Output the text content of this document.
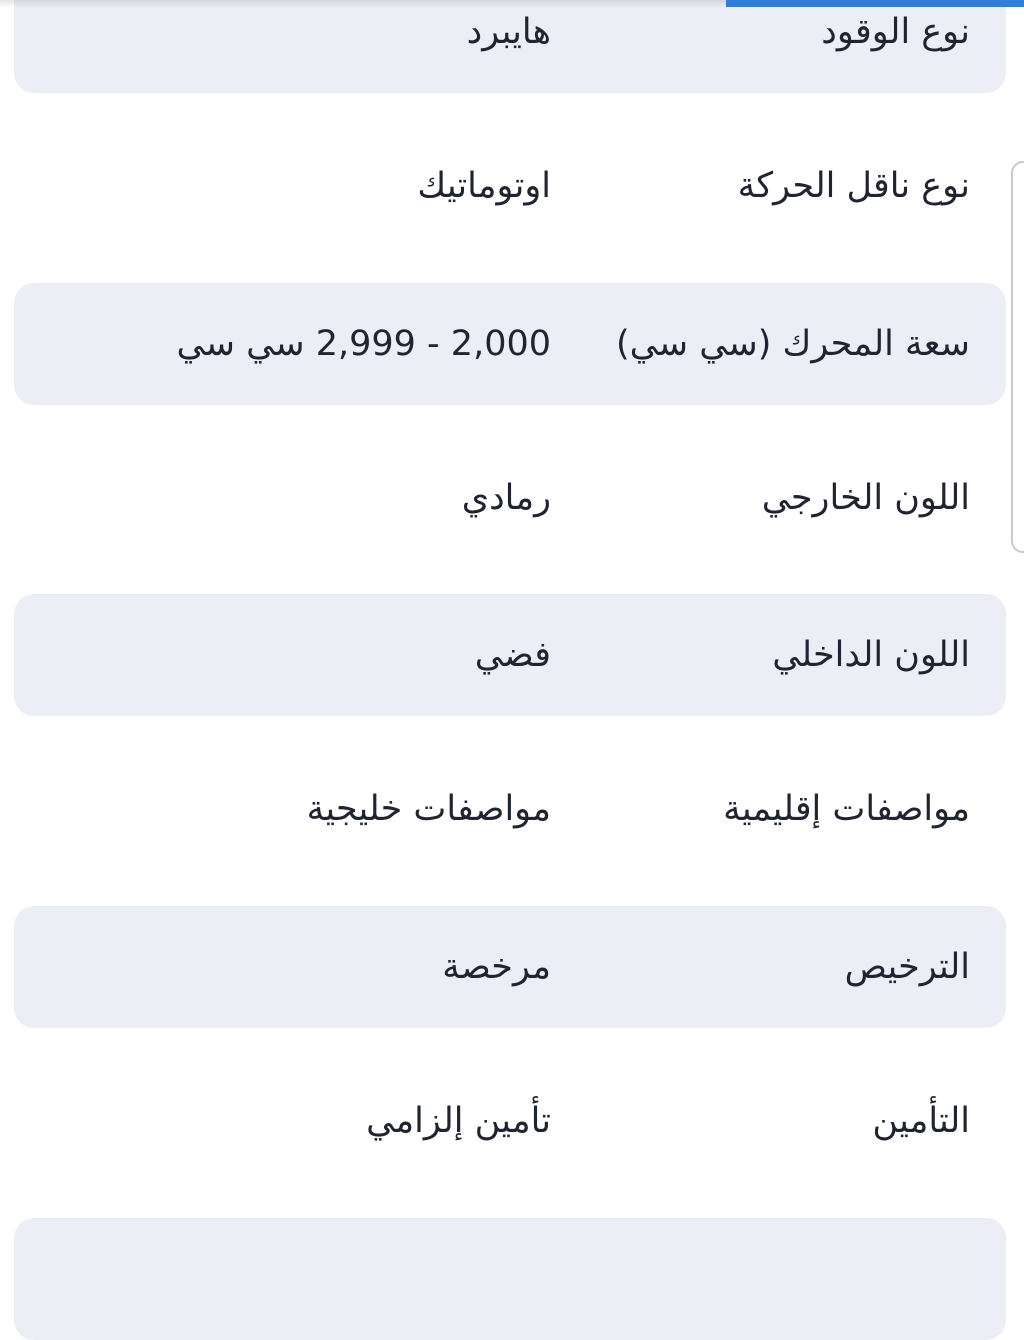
نوع الوقود
هايبرد
نوع ناقل الحركة
اوتوماتيك
سعة المحرك (سي سي)
2,000 - 2,999 سي سي
اللون الخارجي
رمادي
اللون الداخلي
فضي
مواصفات إقليمية
مواصفات خليجية
الترخيص
مرخصة
التأمين
تأمين إلزامي
